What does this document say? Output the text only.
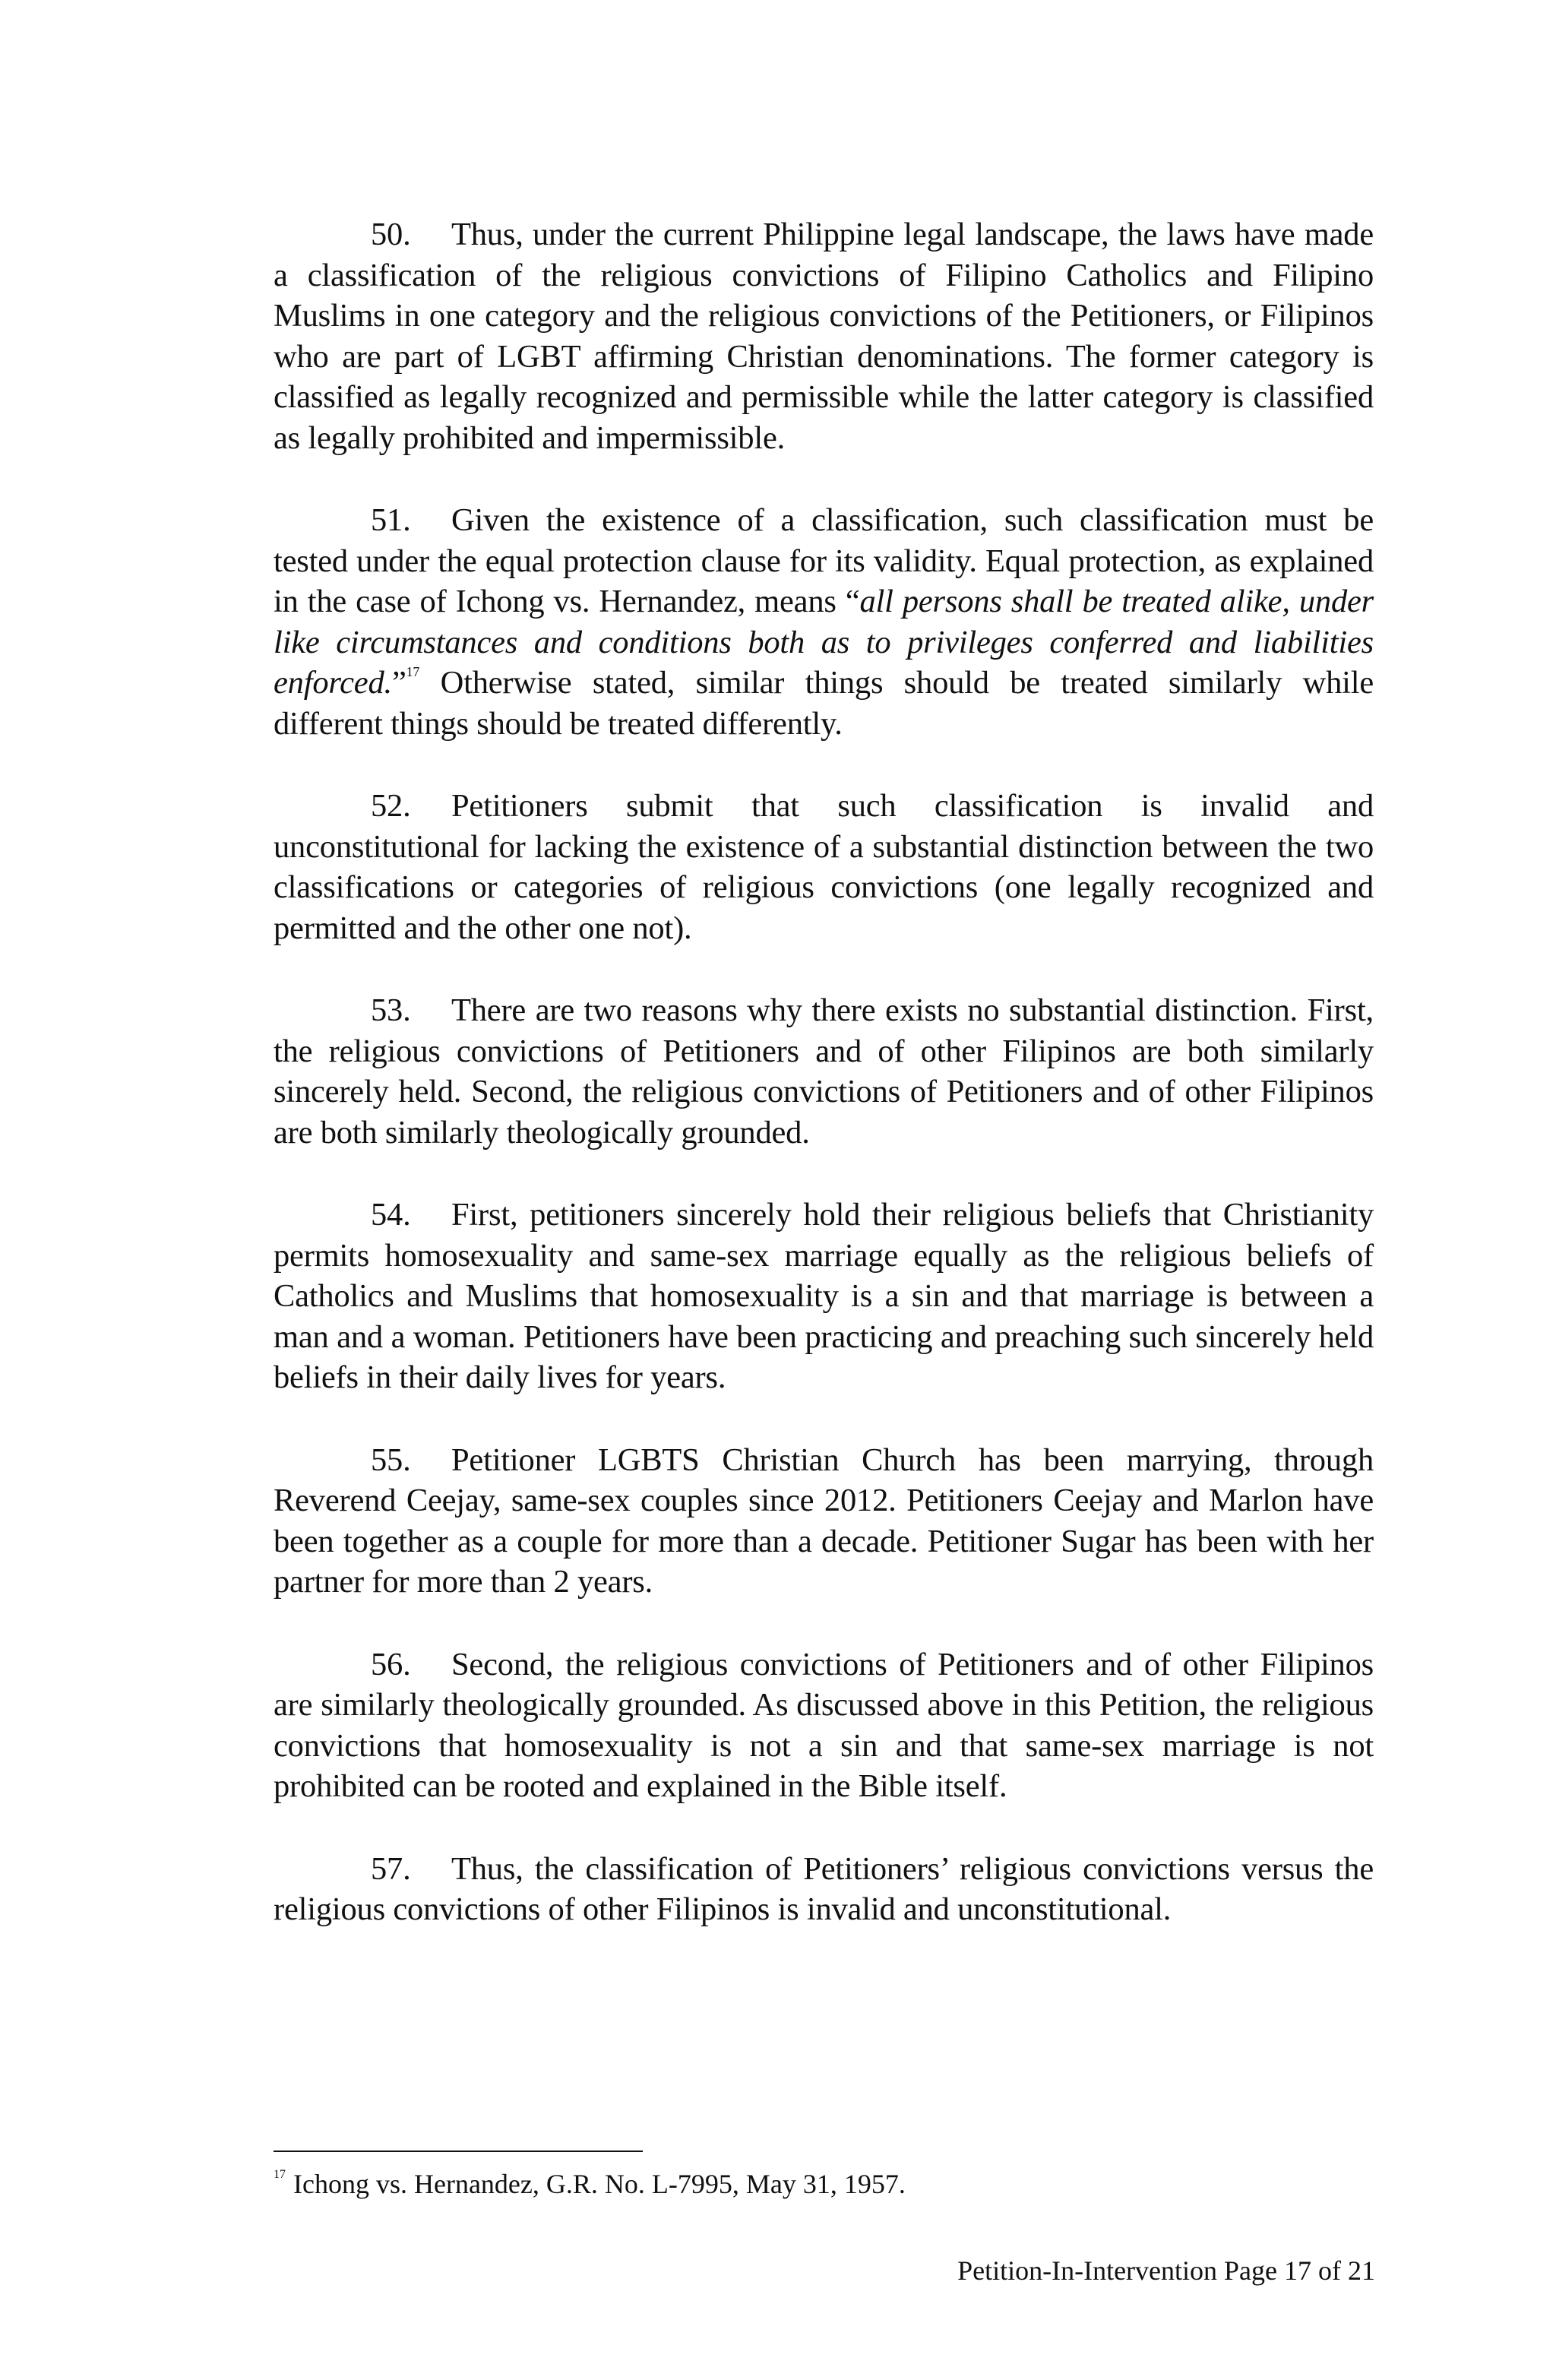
50. Thus, under the current Philippine legal landscape, the laws have made a classification of the religious convictions of Filipino Catholics and Filipino Muslims in one category and the religious convictions of the Petitioners, or Filipinos who are part of LGBT affirming Christian denominations. The former category is classified as legally recognized and permissible while the latter category is classified as legally prohibited and impermissible.

51. Given the existence of a classification, such classification must be tested under the equal protection clause for its validity. Equal protection, as explained in the case of Ichong vs. Hernandez, means “all persons shall be treated alike, under like circumstances and conditions both as to privileges conferred and liabilities enforced.”$^{17}$ Otherwise stated, similar things should be treated similarly while different things should be treated differently.

52. Petitioners submit that such classification is invalid and unconstitutional for lacking the existence of a substantial distinction between the two classifications or categories of religious convictions (one legally recognized and permitted and the other one not).

53. There are two reasons why there exists no substantial distinction. First, the religious convictions of Petitioners and of other Filipinos are both similarly sincerely held. Second, the religious convictions of Petitioners and of other Filipinos are both similarly theologically grounded.

54. First, petitioners sincerely hold their religious beliefs that Christianity permits homosexuality and same-sex marriage equally as the religious beliefs of Catholics and Muslims that homosexuality is a sin and that marriage is between a man and a woman. Petitioners have been practicing and preaching such sincerely held beliefs in their daily lives for years.

55. Petitioner LGBTS Christian Church has been marrying, through Reverend Ceejay, same-sex couples since 2012. Petitioners Ceejay and Marlon have been together as a couple for more than a decade. Petitioner Sugar has been with her partner for more than 2 years.

56. Second, the religious convictions of Petitioners and of other Filipinos are similarly theologically grounded. As discussed above in this Petition, the religious convictions that homosexuality is not a sin and that same-sex marriage is not prohibited can be rooted and explained in the Bible itself.

57. Thus, the classification of Petitioners’ religious convictions versus the religious convictions of other Filipinos is invalid and unconstitutional.

$^{17}$ Ichong vs. Hernandez, G.R. No. L-7995, May 31, 1957.
Petition-In-Intervention Page 17 of 21
